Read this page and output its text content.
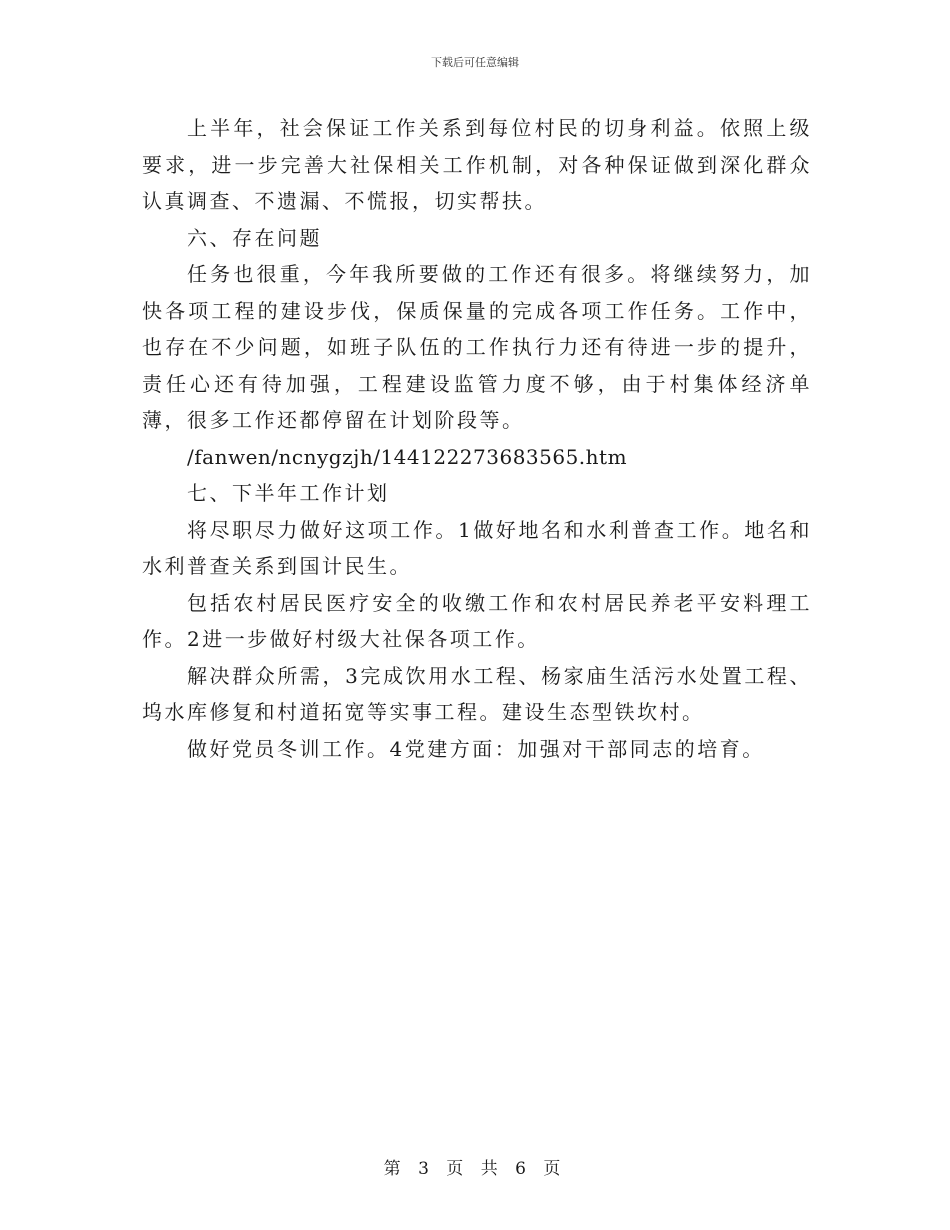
下载后可任意编辑

上半年，社会保证工作关系到每位村民的切身利益。依照上级要求，进一步完善大社保相关工作机制，对各种保证做到深化群众认真调查、不遗漏、不慌报，切实帮扶。

六、存在问题

任务也很重，今年我所要做的工作还有很多。将继续努力，加快各项工程的建设步伐，保质保量的完成各项工作任务。工作中，也存在不少问题，如班子队伍的工作执行力还有待进一步的提升，责任心还有待加强，工程建设监管力度不够，由于村集体经济单薄，很多工作还都停留在计划阶段等。

/fanwen/ncnygzjh/144122273683565.htm

七、下半年工作计划

将尽职尽力做好这项工作。1做好地名和水利普查工作。地名和水利普查关系到国计民生。

包括农村居民医疗安全的收缴工作和农村居民养老平安料理工作。2进一步做好村级大社保各项工作。

解决群众所需，3完成饮用水工程、杨家庙生活污水处置工程、坞水库修复和村道拓宽等实事工程。建设生态型铁坎村。

做好党员冬训工作。4党建方面：加强对干部同志的培育。

第 3 页 共 6 页
